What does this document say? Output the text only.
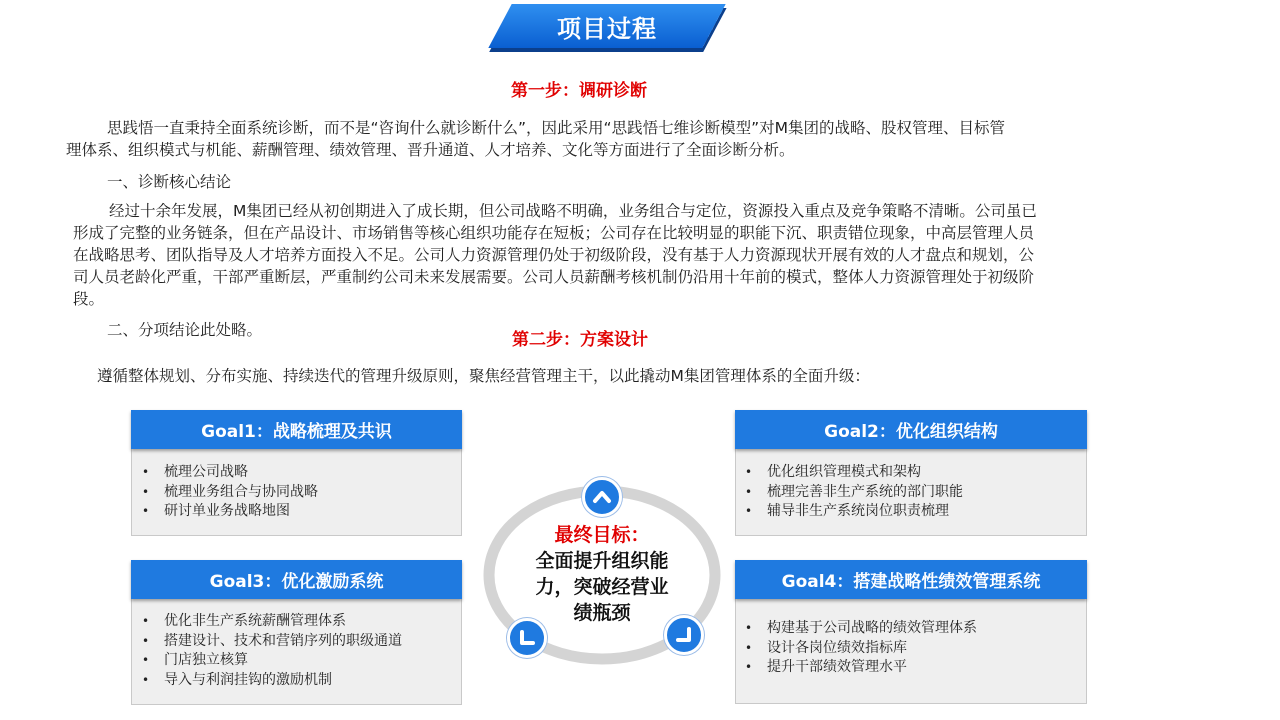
项目过程
第一步：调研诊断
思践悟一直秉持全面系统诊断，而不是“咨询什么就诊断什么”，因此采用“思践悟七维诊断模型”对M集团的战略、股权管理、目标管
理体系、组织模式与机能、薪酬管理、绩效管理、晋升通道、人才培养、文化等方面进行了全面诊断分析。
一、诊断核心结论
经过十余年发展，M集团已经从初创期进入了成长期，但公司战略不明确，业务组合与定位，资源投入重点及竞争策略不清晰。公司虽已
形成了完整的业务链条，但在产品设计、市场销售等核心组织功能存在短板；公司存在比较明显的职能下沉、职责错位现象，中高层管理人员
在战略思考、团队指导及人才培养方面投入不足。公司人力资源管理仍处于初级阶段，没有基于人力资源现状开展有效的人才盘点和规划，公
司人员老龄化严重，干部严重断层，严重制约公司未来发展需要。公司人员薪酬考核机制仍沿用十年前的模式，整体人力资源管理处于初级阶
段。
二、分项结论此处略。	第二步：方案设计
遵循整体规划、分布实施、持续迭代的管理升级原则，聚焦经营管理主干，以此撬动M集团管理体系的全面升级：
Goal1：战略梳理及共识
• 梳理公司战略
• 梳理业务组合与协同战略
• 研讨单业务战略地图
Goal2：优化组织结构
• 优化组织管理模式和架构
• 梳理完善非生产系统的部门职能
• 辅导非生产系统岗位职责梳理
Goal3：优化激励系统
• 优化非生产系统薪酬管理体系
• 搭建设计、技术和营销序列的职级通道
• 门店独立核算
• 导入与利润挂钩的激励机制
Goal4：搭建战略性绩效管理系统
• 构建基于公司战略的绩效管理体系
• 设计各岗位绩效指标库
• 提升干部绩效管理水平
最终目标：
全面提升组织能
力，突破经营业
绩瓶颈
